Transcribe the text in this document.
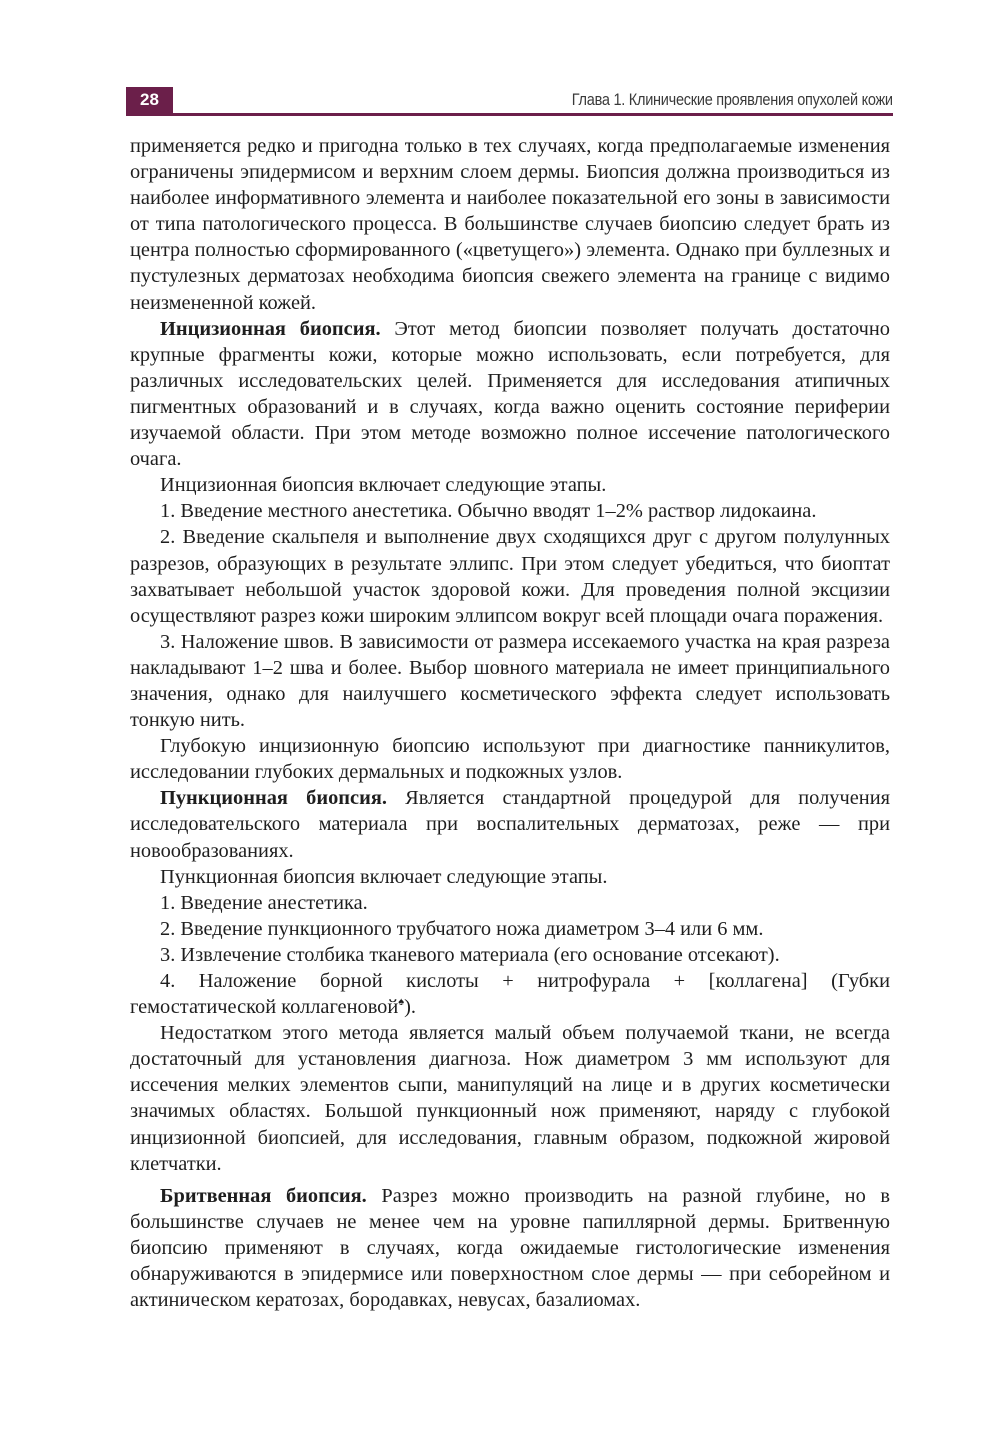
28	Глава 1. Клинические проявления опухолей кожи

применяется редко и пригодна только в тех случаях, когда предполагаемые изменения ограничены эпидермисом и верхним слоем дермы. Биопсия должна производиться из наиболее информативного элемента и наиболее показательной его зоны в зависимости от типа патологического процесса. В большинстве случаев биопсию следует брать из центра полностью сформированного («цветущего») элемента. Однако при буллезных и пустулезных дерматозах необходима биопсия свежего элемента на границе с видимо неизмененной кожей.

Инцизионная биопсия. Этот метод биопсии позволяет получать достаточно крупные фрагменты кожи, которые можно использовать, если потребуется, для различных исследовательских целей. Применяется для исследования атипичных пигментных образований и в случаях, когда важно оценить состояние периферии изучаемой области. При этом методе возможно полное иссечение патологического очага.

Инцизионная биопсия включает следующие этапы.

1. Введение местного анестетика. Обычно вводят 1–2% раствор лидокаина.

2. Введение скальпеля и выполнение двух сходящихся друг с другом полулунных разрезов, образующих в результате эллипс. При этом следует убедиться, что биоптат захватывает небольшой участок здоровой кожи. Для проведения полной эксцизии осуществляют разрез кожи широким эллипсом вокруг всей площади очага поражения.

3. Наложение швов. В зависимости от размера иссекаемого участка на края разреза накладывают 1–2 шва и более. Выбор шовного материала не имеет принципиального значения, однако для наилучшего косметического эффекта следует использовать тонкую нить.

Глубокую инцизионную биопсию используют при диагностике панникулитов, исследовании глубоких дермальных и подкожных узлов.

Пункционная биопсия. Является стандартной процедурой для получения исследовательского материала при воспалительных дерматозах, реже — при новообразованиях.

Пункционная биопсия включает следующие этапы.

1. Введение анестетика.

2. Введение пункционного трубчатого ножа диаметром 3–4 или 6 мм.

3. Извлечение столбика тканевого материала (его основание отсекают).

4. Наложение борной кислоты + нитрофурала + [коллагена] (Губки гемостатической коллагеновой♠).

Недостатком этого метода является малый объем получаемой ткани, не всегда достаточный для установления диагноза. Нож диаметром 3 мм используют для иссечения мелких элементов сыпи, манипуляций на лице и в других косметически значимых областях. Большой пункционный нож применяют, наряду с глубокой инцизионной биопсией, для исследования, главным образом, подкожной жировой клетчатки.

Бритвенная биопсия. Разрез можно производить на разной глубине, но в большинстве случаев не менее чем на уровне папиллярной дермы. Бритвенную биопсию применяют в случаях, когда ожидаемые гистологические изменения обнаруживаются в эпидермисе или поверхностном слое дермы — при себорейном и актиническом кератозах, бородавках, невусах, базалиомах.
